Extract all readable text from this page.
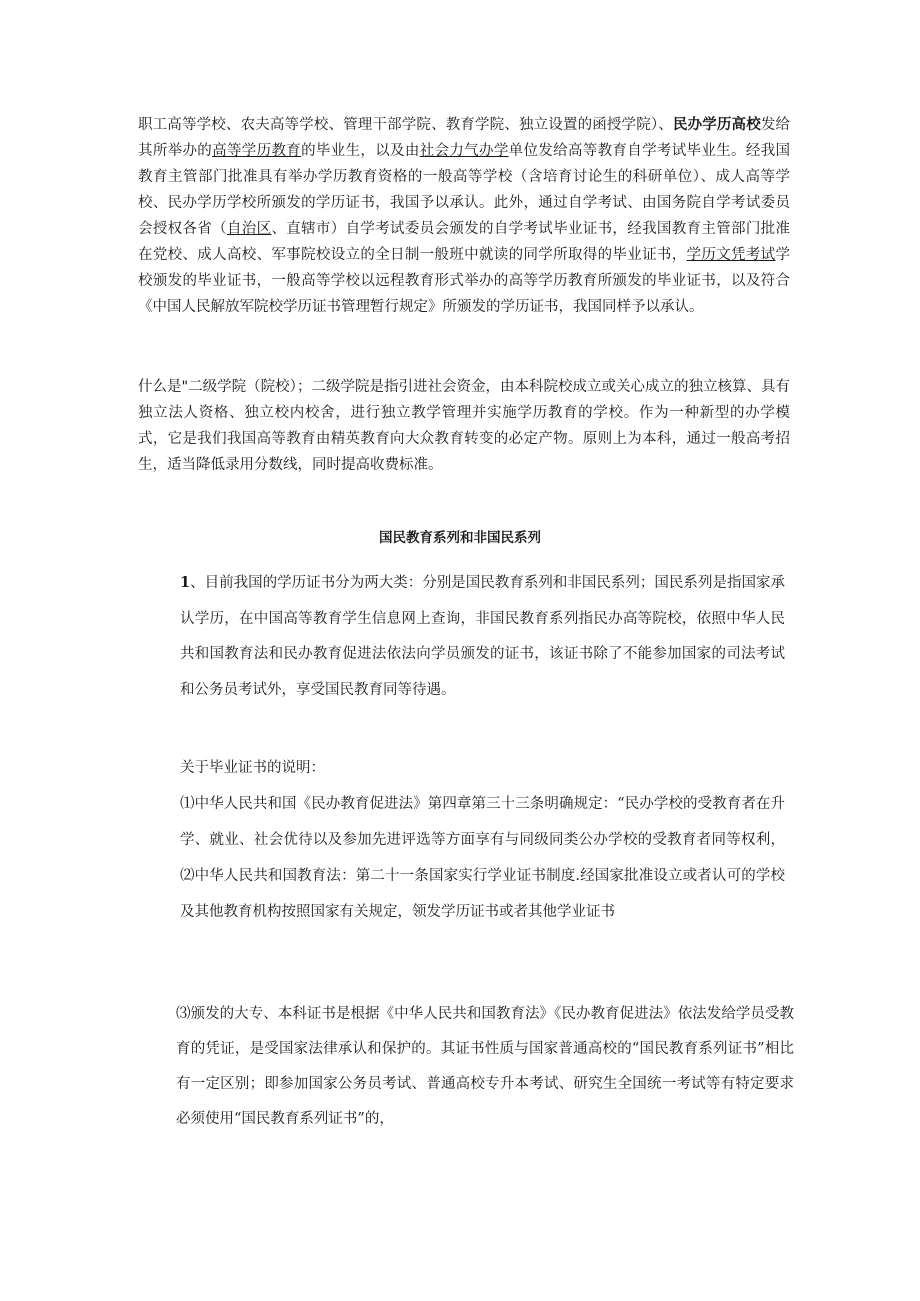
职工高等学校、农夫高等学校、管理干部学院、教育学院、独立设置的函授学院）、民办学历高校发给其所举办的高等学历教育的毕业生，以及由社会力气办学单位发给高等教育自学考试毕业生。经我国教育主管部门批准具有举办学历教育资格的一般高等学校（含培育讨论生的科研单位）、成人高等学校、民办学历学校所颁发的学历证书，我国予以承认。此外，通过自学考试、由国务院自学考试委员会授权各省（自治区、直辖市）自学考试委员会颁发的自学考试毕业证书，经我国教育主管部门批准在党校、成人高校、军事院校设立的全日制一般班中就读的同学所取得的毕业证书，学历文凭考试学校颁发的毕业证书，一般高等学校以远程教育形式举办的高等学历教育所颁发的毕业证书，以及符合《中国人民解放军院校学历证书管理暂行规定》所颁发的学历证书，我国同样予以承认。

什么是"二级学院（院校）；二级学院是指引进社会资金，由本科院校成立或关心成立的独立核算、具有独立法人资格、独立校内校舍，进行独立教学管理并实施学历教育的学校。作为一种新型的办学模式，它是我们我国高等教育由精英教育向大众教育转变的必定产物。原则上为本科，通过一般高考招生，适当降低录用分数线，同时提高收费标准。

国民教育系列和非国民系列

1、目前我国的学历证书分为两大类：分别是国民教育系列和非国民系列；国民系列是指国家承认学历，在中国高等教育学生信息网上查询，非国民教育系列指民办高等院校，依照中华人民共和国教育法和民办教育促进法依法向学员颁发的证书，该证书除了不能参加国家的司法考试和公务员考试外，享受国民教育同等待遇。

关于毕业证书的说明：

⑴中华人民共和国《民办教育促进法》第四章第三十三条明确规定：“民办学校的受教育者在升学、就业、社会优待以及参加先进评选等方面享有与同级同类公办学校的受教育者同等权利，⑵中华人民共和国教育法：第二十一条国家实行学业证书制度.经国家批准设立或者认可的学校及其他教育机构按照国家有关规定，领发学历证书或者其他学业证书

⑶颁发的大专、本科证书是根据《中华人民共和国教育法》《民办教育促进法》依法发给学员受教育的凭证，是受国家法律承认和保护的。其证书性质与国家普通高校的“国民教育系列证书”相比有一定区别；即参加国家公务员考试、普通高校专升本考试、研究生全国统一考试等有特定要求必须使用“国民教育系列证书”的，
